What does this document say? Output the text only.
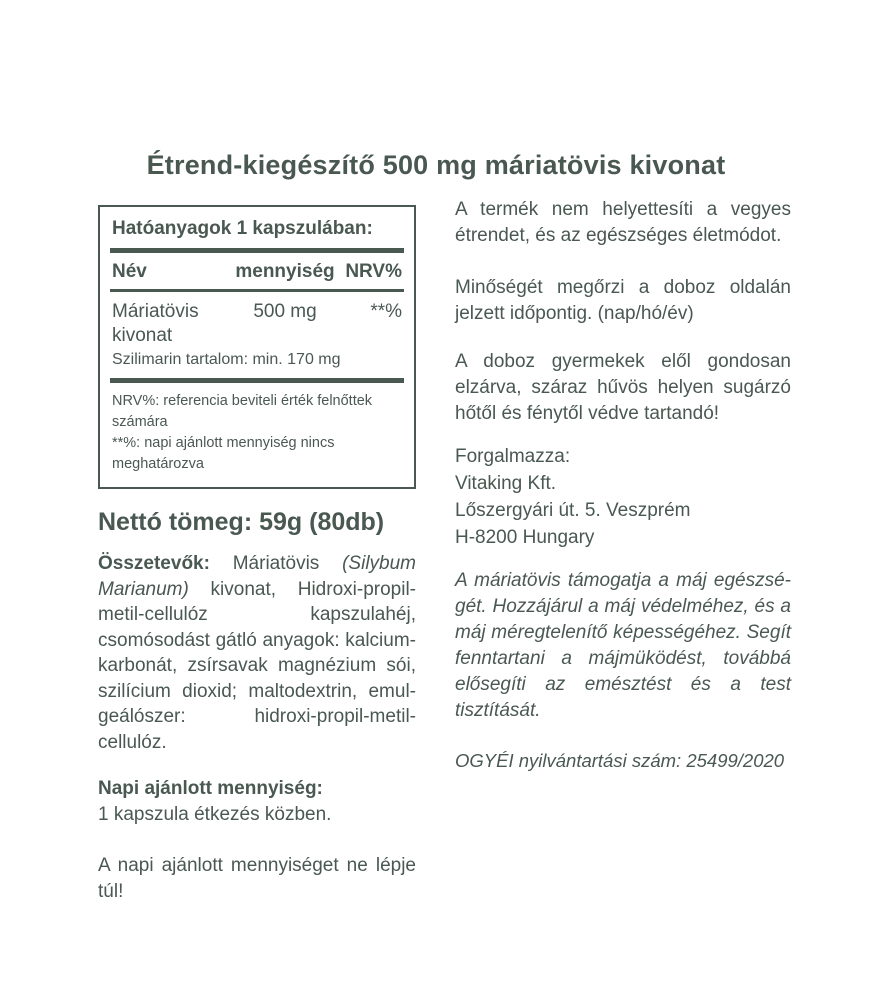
Étrend-kiegészítő 500 mg máriatövis kivonat
Hatóanyagok 1 kapszulában:
Név	mennyiség NRV%
Máriatövis kivonat
500 mg	**%
Szilimarin tartalom: min. 170 mg
NRV%: referencia beviteli érték felnőttek számára
**%: napi ajánlott mennyiség nincs meghatározva
Nettó tömeg: 59g (80db)

Összetevők: Máriatövis (Silybum Marianum) kivonat, Hidroxi-propil-metil-cellulóz kapszulahéj, csomósodást gátló anyagok: kalcium-karbonát, zsírsavak magnézium sói, szilícium dioxid; maltodextrin, emulgeálószer: hidroxi-propil-metil-cellulóz.

Napi ajánlott mennyiség:
1 kapszula étkezés közben.

A napi ajánlott mennyiséget ne lépje túl!

A termék nem helyettesíti a vegyes étrendet, és az egészséges életmódot.

Minőségét megőrzi a doboz oldalán jelzett időpontig. (nap/hó/év)

A doboz gyermekek elől gondosan elzárva, száraz hűvös helyen sugárzó hőtől és fénytől védve tartandó!

Forgalmazza:
Vitaking Kft.
Lőszergyári út. 5. Veszprém
H-8200 Hungary

A máriatövis támogatja a máj egészségét. Hozzájárul a máj védelméhez, és a máj méregtelenítő képességéhez. Segít fenntartani a májmüködést, továbbá elősegíti az emésztést és a test tisztítását.

OGYÉI nyilvántartási szám: 25499/2020
